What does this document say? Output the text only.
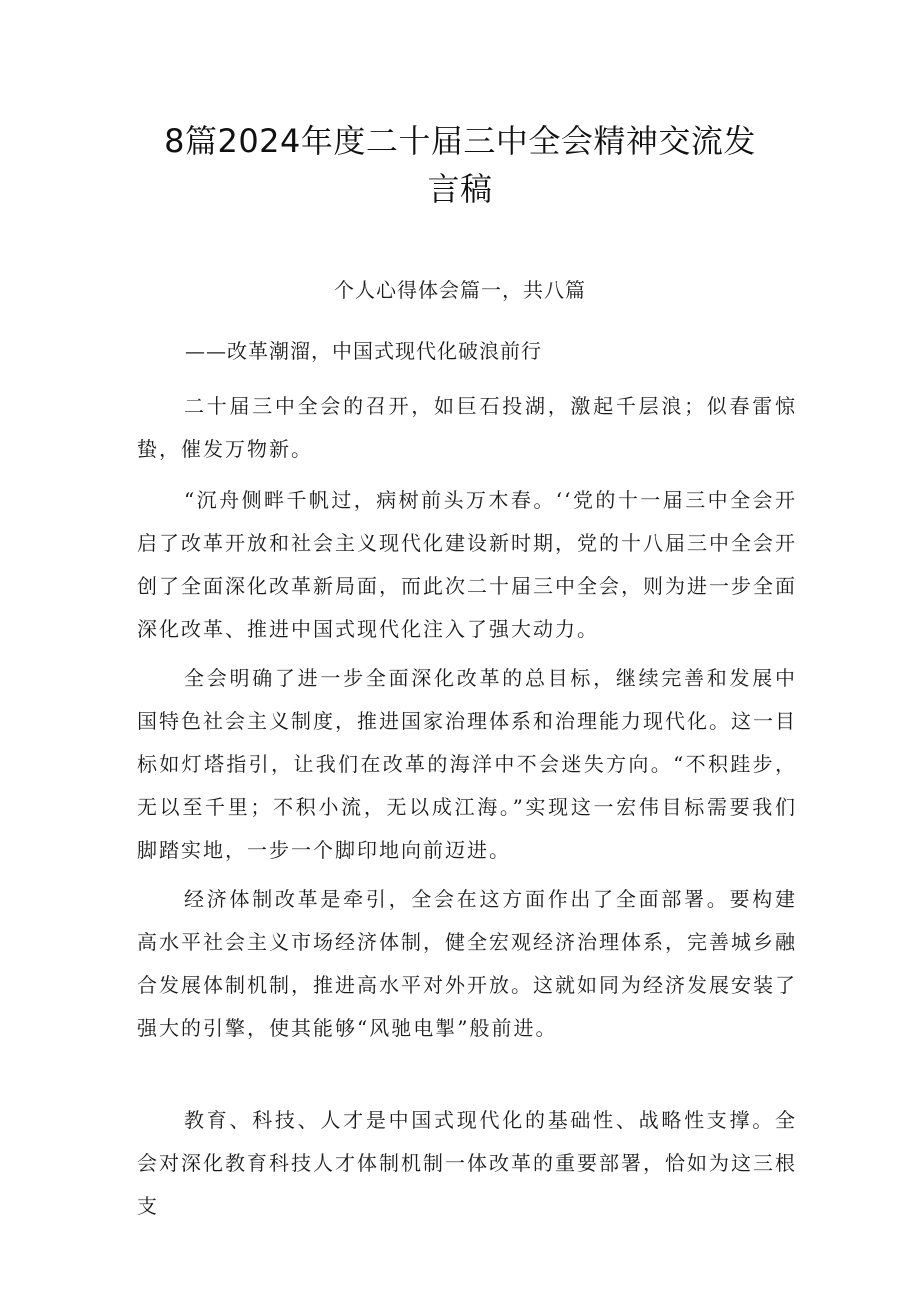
8篇2024年度二十届三中全会精神交流发
言稿
个人心得体会篇一，共八篇
——改革潮溜，中国式现代化破浪前行

二十届三中全会的召开，如巨石投湖，激起千层浪；似春雷惊蛰，催发万物新。

“沉舟侧畔千帆过，病树前头万木春。‘‘党的十一届三中全会开启了改革开放和社会主义现代化建设新时期，党的十八届三中全会开创了全面深化改革新局面，而此次二十届三中全会，则为进一步全面深化改革、推进中国式现代化注入了强大动力。

全会明确了进一步全面深化改革的总目标，继续完善和发展中国特色社会主义制度，推进国家治理体系和治理能力现代化。这一目标如灯塔指引，让我们在改革的海洋中不会迷失方向。“不积跬步，无以至千里；不积小流，无以成江海。”实现这一宏伟目标需要我们脚踏实地，一步一个脚印地向前迈进。

经济体制改革是牵引，全会在这方面作出了全面部署。要构建高水平社会主义市场经济体制，健全宏观经济治理体系，完善城乡融合发展体制机制，推进高水平对外开放。这就如同为经济发展安装了强大的引擎，使其能够“风驰电掣”般前进。

教育、科技、人才是中国式现代化的基础性、战略性支撑。全会对深化教育科技人才体制机制一体改革的重要部署，恰如为这三根支
